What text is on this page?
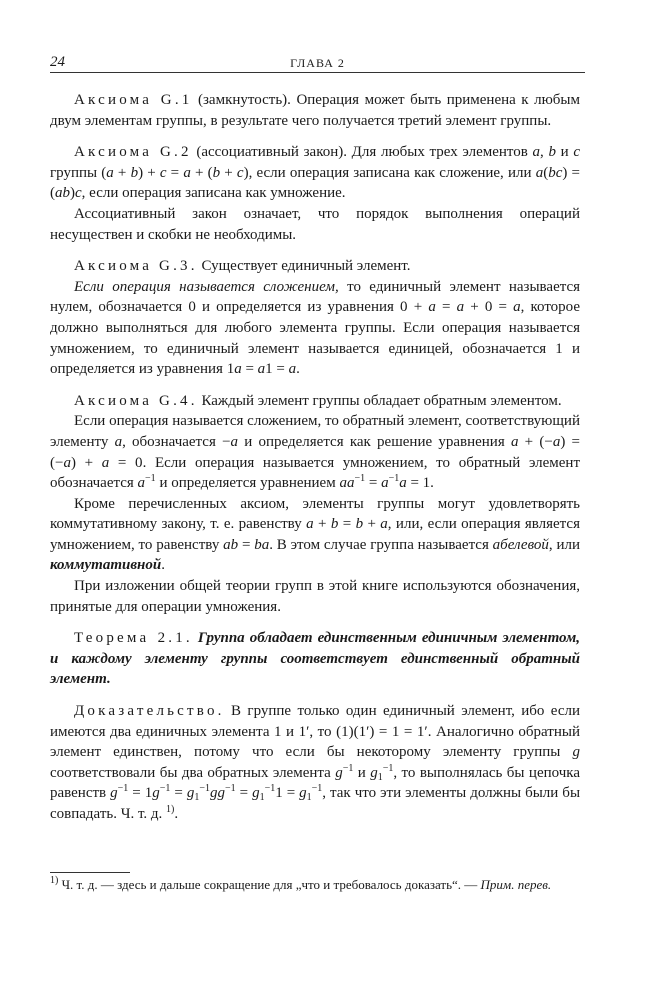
24	ГЛАВА 2

Аксиома G.1 (замкнутость). Операция может быть применена к любым двум элементам группы, в результате чего получается третий элемент группы.

Аксиома G.2 (ассоциативный закон). Для любых трех элементов a, b и c группы (a + b) + c = a + (b + c), если операция записана как сложение, или a(bc) = (ab)c, если операция записана как умножение.

Ассоциативный закон означает, что порядок выполнения операций несуществен и скобки не необходимы.

Аксиома G.3. Существует единичный элемент.

Если операция называется сложением, то единичный элемент называется нулем, обозначается 0 и определяется из уравнения 0 + a = a + 0 = a, которое должно выполняться для любого элемента группы. Если операция называется умножением, то единичный элемент называется единицей, обозначается 1 и определяется из уравнения 1a = a1 = a.

Аксиома G.4. Каждый элемент группы обладает обратным элементом.

Если операция называется сложением, то обратный элемент, соответствующий элементу a, обозначается −a и определяется как решение уравнения a + (−a) = (−a) + a = 0. Если операция называется умножением, то обратный элемент обозначается $a^{-1}$ и определяется уравнением $aa^{-1} = a^{-1}a = 1$.

Кроме перечисленных аксиом, элементы группы могут удовлетворять коммутативному закону, т. е. равенству a + b = b + a, или, если операция является умножением, то равенству ab = ba. В этом случае группа называется абелевой, или коммутативной.

При изложении общей теории групп в этой книге используются обозначения, принятые для операции умножения.

Теорема 2.1. Группа обладает единственным единичным элементом, и каждому элементу группы соответствует единственный обратный элемент.

Доказательство. В группе только один единичный элемент, ибо если имеются два единичных элемента 1 и 1′, то (1)(1′) = 1 = 1′. Аналогично обратный элемент единствен, потому что если бы некоторому элементу группы g соответствовали бы два обратных элемента $g^{-1}$ и $g_1^{-1}$, то выполнялась бы цепочка равенств $g^{-1} = 1g^{-1} = g_1^{-1}gg^{-1} = g_1^{-1}1 = g_1^{-1}$, так что эти элементы должны были бы совпадать. Ч. т. д. $^{1)}$.

$^{1)}$ Ч. т. д. — здесь и дальше сокращение для „что и требовалось доказать“. — Прим. перев.
